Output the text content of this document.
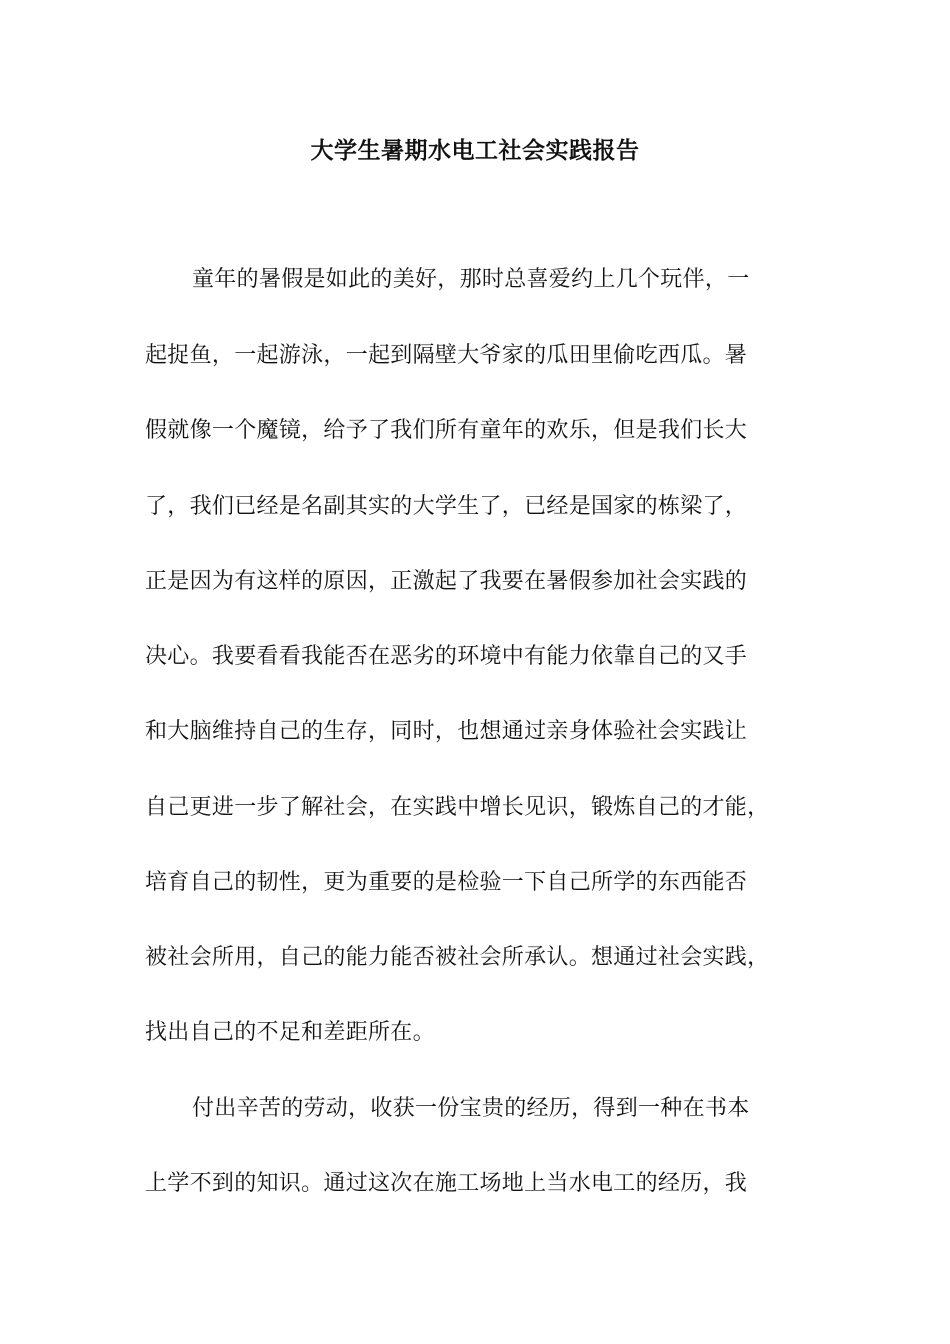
大学生暑期水电工社会实践报告
童年的暑假是如此的美好，那时总喜爱约上几个玩伴，一
起捉鱼，一起游泳，一起到隔壁大爷家的瓜田里偷吃西瓜。暑
假就像一个魔镜，给予了我们所有童年的欢乐，但是我们长大
了，我们已经是名副其实的大学生了，已经是国家的栋梁了，
正是因为有这样的原因，正激起了我要在暑假参加社会实践的
决心。我要看看我能否在恶劣的环境中有能力依靠自己的又手
和大脑维持自己的生存，同时，也想通过亲身体验社会实践让
自己更进一步了解社会，在实践中增长见识，锻炼自己的才能，
培育自己的韧性，更为重要的是检验一下自己所学的东西能否
被社会所用，自己的能力能否被社会所承认。想通过社会实践，
找出自己的不足和差距所在。
付出辛苦的劳动，收获一份宝贵的经历，得到一种在书本
上学不到的知识。通过这次在施工场地上当水电工的经历，我
